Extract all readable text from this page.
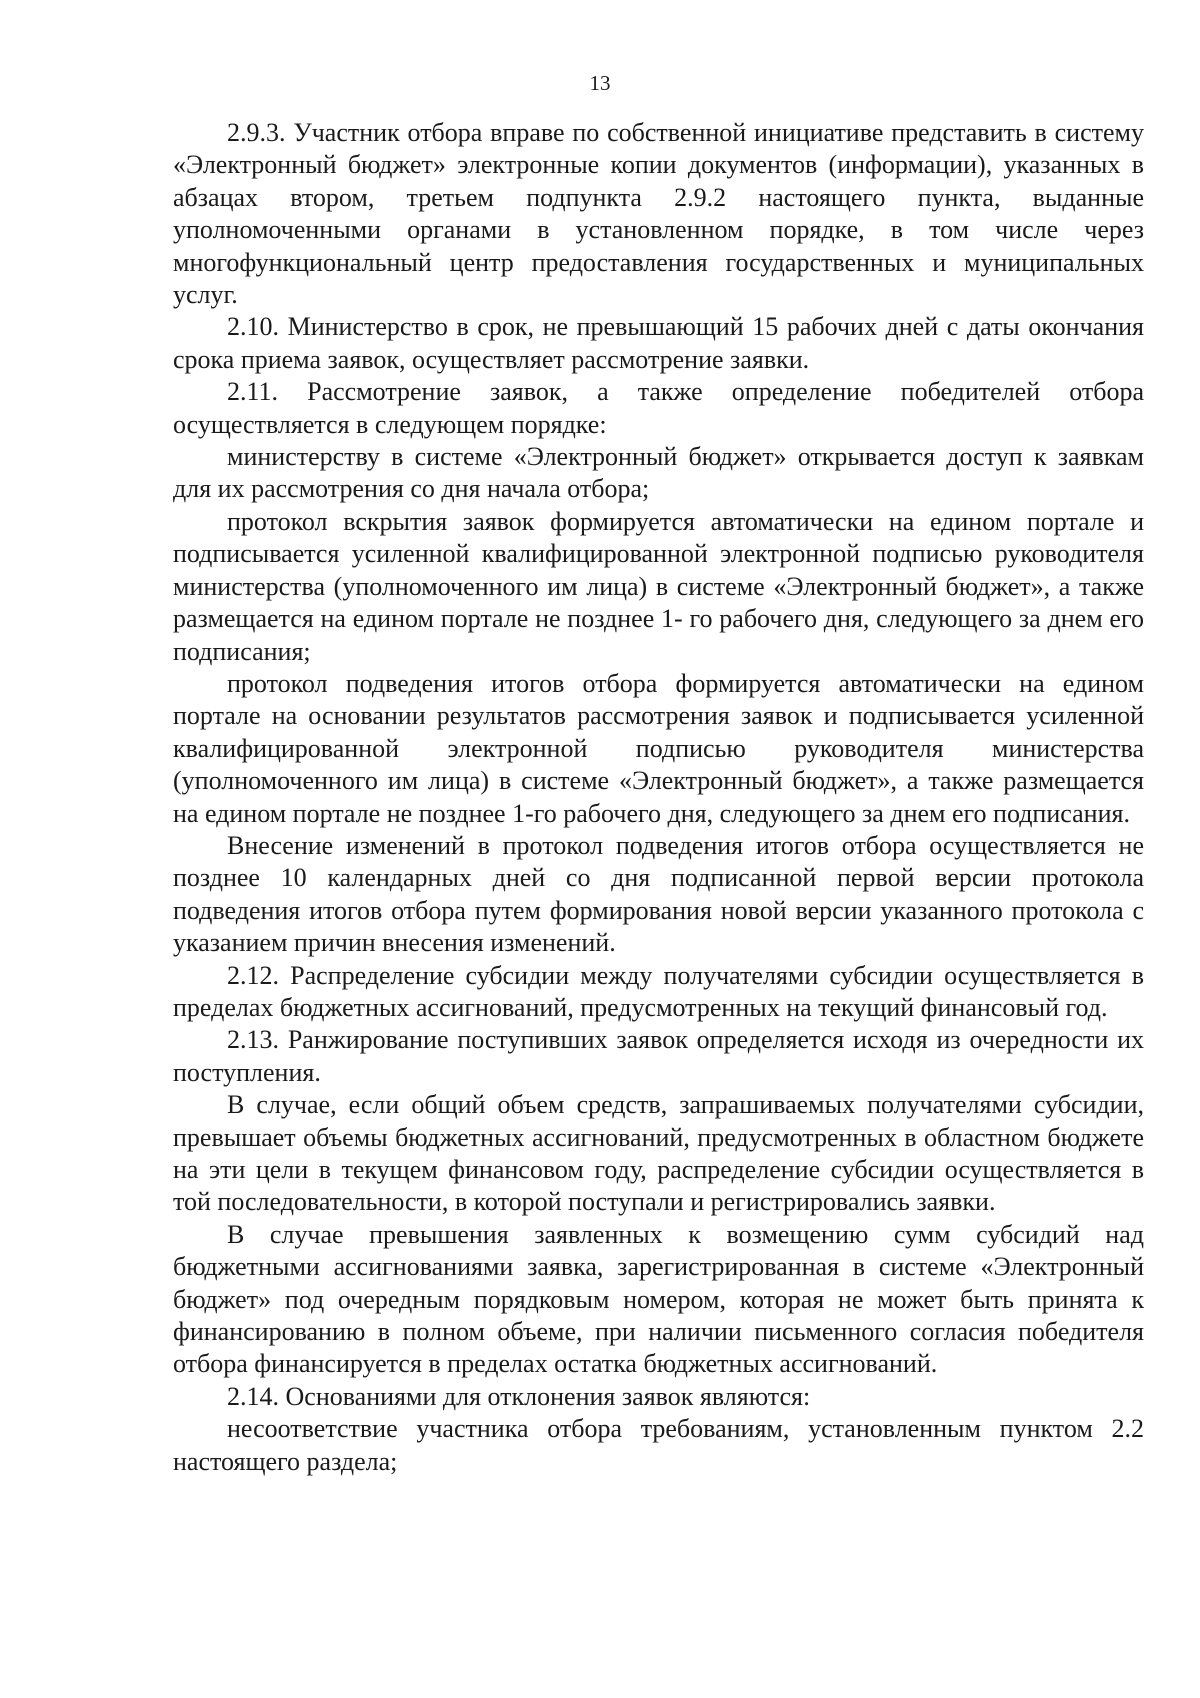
13

2.9.3. Участник отбора вправе по собственной инициативе представить в систему «Электронный бюджет» электронные копии документов (информации), указанных в абзацах втором, третьем подпункта 2.9.2 настоящего пункта, выданные уполномоченными органами в установленном порядке, в том числе через многофункциональный центр предоставления государственных и муниципальных услуг.

2.10. Министерство в срок, не превышающий 15 рабочих дней с даты окончания срока приема заявок, осуществляет рассмотрение заявки.

2.11. Рассмотрение заявок, а также определение победителей отбора осуществляется в следующем порядке:

министерству в системе «Электронный бюджет» открывается доступ к заявкам для их рассмотрения со дня начала отбора;

протокол вскрытия заявок формируется автоматически на едином портале и подписывается усиленной квалифицированной электронной подписью руководителя министерства (уполномоченного им лица) в системе «Электронный бюджет», а также размещается на едином портале не позднее 1- го рабочего дня, следующего за днем его подписания;

протокол подведения итогов отбора формируется автоматически на едином портале на основании результатов рассмотрения заявок и подписывается усиленной квалифицированной электронной подписью руководителя министерства (уполномоченного им лица) в системе «Электронный бюджет», а также размещается на едином портале не позднее 1-го рабочего дня, следующего за днем его подписания.

Внесение изменений в протокол подведения итогов отбора осуществляется не позднее 10 календарных дней со дня подписанной первой версии протокола подведения итогов отбора путем формирования новой версии указанного протокола с указанием причин внесения изменений.

2.12. Распределение субсидии между получателями субсидии осуществляется в пределах бюджетных ассигнований, предусмотренных на текущий финансовый год.

2.13. Ранжирование поступивших заявок определяется исходя из очередности их поступления.

В случае, если общий объем средств, запрашиваемых получателями субсидии, превышает объемы бюджетных ассигнований, предусмотренных в областном бюджете на эти цели в текущем финансовом году, распределение субсидии осуществляется в той последовательности, в которой поступали и регистрировались заявки.

В случае превышения заявленных к возмещению сумм субсидий над бюджетными ассигнованиями заявка, зарегистрированная в системе «Электронный бюджет» под очередным порядковым номером, которая не может быть принята к финансированию в полном объеме, при наличии письменного согласия победителя отбора финансируется в пределах остатка бюджетных ассигнований.

2.14. Основаниями для отклонения заявок являются:

несоответствие участника отбора требованиям, установленным пунктом 2.2 настоящего раздела;
